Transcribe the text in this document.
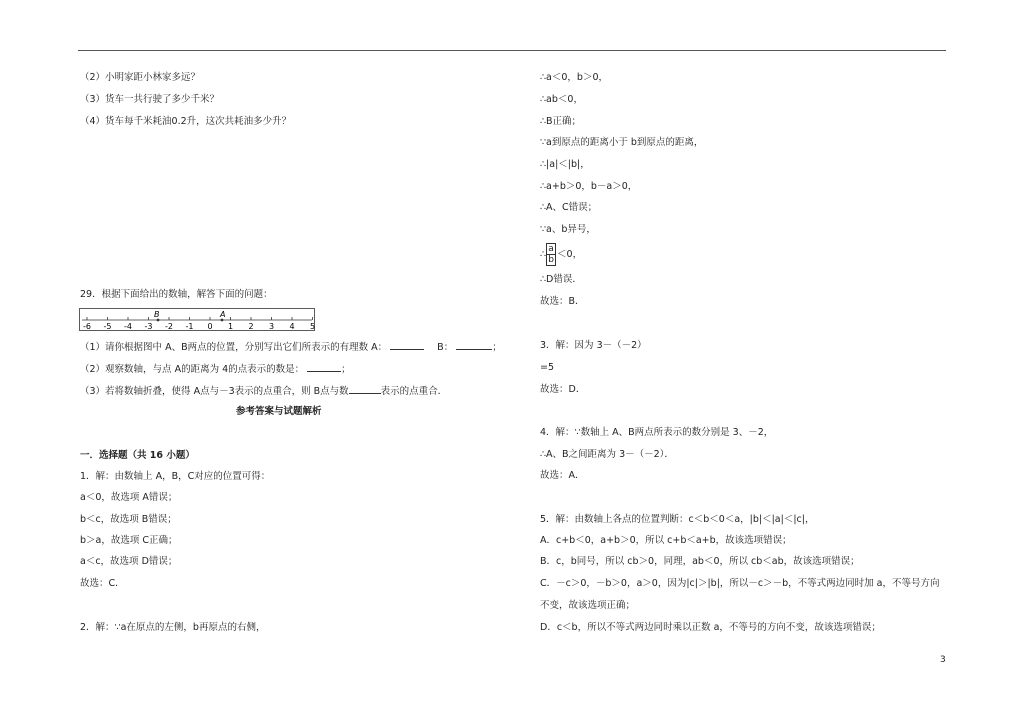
（2）小明家距小林家多远？
（3）货车一共行驶了多少千米？
（4）货车每千米耗油0.2升，这次共耗油多少升？
29．根据下面给出的数轴，解答下面的问题：
-6 -5 -4 -3 -2 -1 0 1 2 3 4 5
A
B
（1）请你根据图中 A、B两点的位置，分别写出它们所表示的有理数 A：	B：	；
（2）观察数轴，与点 A的距离为 4的点表示的数是：	；
（3）若将数轴折叠，使得 A点与－3表示的点重合，则 B点与数	表示的点重合．
参考答案与试题解析
一．选择题（共 16 小题）
1．解：由数轴上 A，B，C对应的位置可得：
a＜0，故选项 A错误；
b＜c，故选项 B错误；
b＞a，故选项 C正确；
a＜c，故选项 D错误；
故选：C．
2．解：∵a在原点的左侧，b再原点的右侧，
∴a＜0，b＞0，
∴ab＜0，
∴B正确；
∵a到原点的距离小于 b到原点的距离，
∴|a|＜|b|，
∴a+b＞0，b－a＞0，
∴A、C错误；
∵a、b异号，
∴ $\frac{a}{b} <0$，
∴D错误．
故选：B．
3．解：因为 3－（－2）
=5
故选：D．
4．解：∵数轴上 A、B两点所表示的数分别是 3、－2，
∴A、B之间距离为 3－（－2）．
故选：A．
5．解：由数轴上各点的位置判断：c＜b＜0＜a，|b|＜|a|＜|c|，
A．c+b＜0，a+b＞0，所以 c+b＜a+b，故该选项错误；
B．c，b同号，所以 cb＞0，同理，ab＜0，所以 cb＜ab，故该选项错误；
C．－c＞0，－b＞0，a＞0，因为|c|＞|b|，所以－c＞－b，不等式两边同时加 a，不等号方向
不变，故该选项正确；
D．c＜b，所以不等式两边同时乘以正数 a，不等号的方向不变，故该选项错误；
3
